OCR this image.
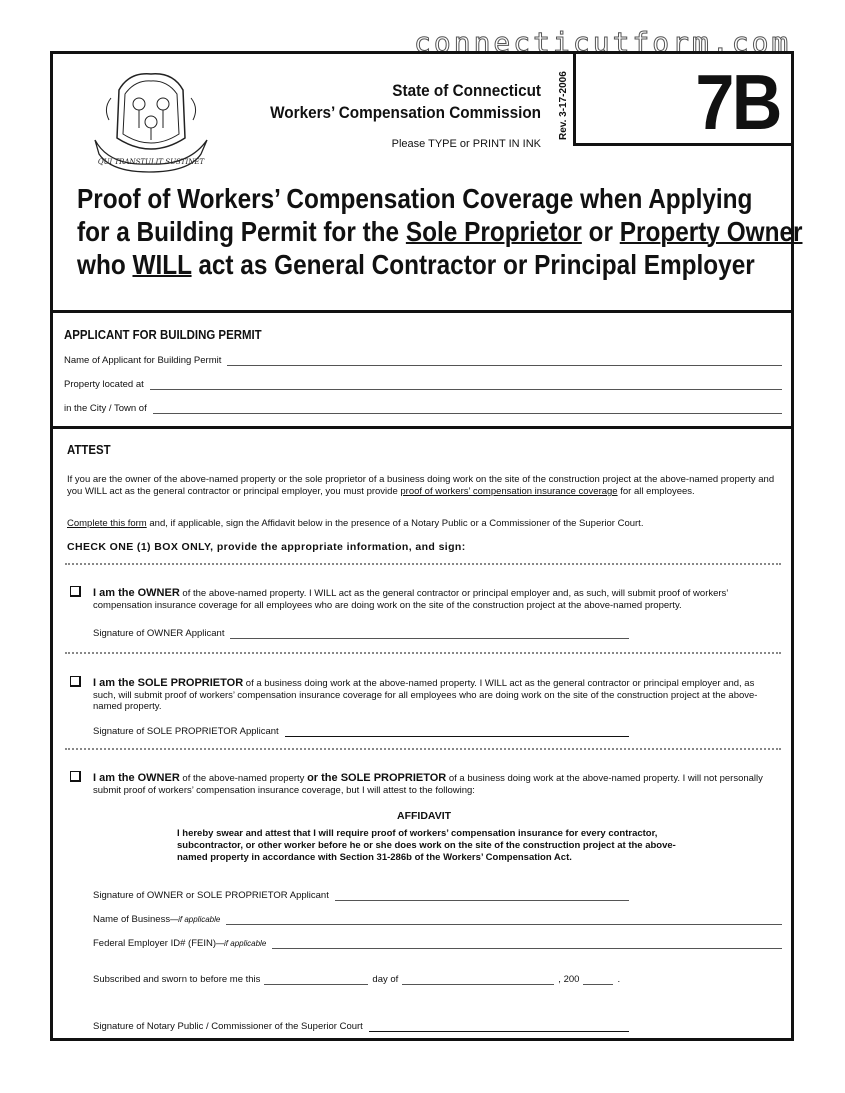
connecticutform.com
QUI TRANSTULIT SUSTINET
State of Connecticut
Workers’ Compensation Commission
Please TYPE or PRINT IN INK
Rev. 3-17-2006 7B
Proof of Workers’ Compensation Coverage when Applying
for a Building Permit for the Sole Proprietor or Property Owner
who WILL act as General Contractor or Principal Employer
APPLICANT FOR BUILDING PERMIT
Name of Applicant for Building Permit
Property located at
in the City / Town of
ATTEST
If you are the owner of the above-named property or the sole proprietor of a business doing work on the site of the construction project at the above-named property and you WILL act as the general contractor or principal employer, you must provide proof of workers’ compensation insurance coverage for all employees.
Complete this form and, if applicable, sign the Affidavit below in the presence of a Notary Public or a Commissioner of the Superior Court.
CHECK ONE (1) BOX ONLY, provide the appropriate information, and sign:
I am the OWNER of the above-named property. I WILL act as the general contractor or principal employer and, as such, will submit proof of workers’ compensation insurance coverage for all employees who are doing work on the site of the construction project at the above-named property.
Signature of OWNER Applicant
I am the SOLE PROPRIETOR of a business doing work at the above-named property. I WILL act as the general contractor or principal employer and, as such, will submit proof of workers’ compensation insurance coverage for all employees who are doing work on the site of the construction project at the above-named property.
Signature of SOLE PROPRIETOR Applicant
I am the OWNER of the above-named property or the SOLE PROPRIETOR of a business doing work at the above-named property. I will not personally submit proof of workers’ compensation insurance coverage, but I will attest to the following:
AFFIDAVIT
I hereby swear and attest that I will require proof of workers’ compensation insurance for every contractor, subcontractor, or other worker before he or she does work on the site of the construction project at the above-named property in accordance with Section 31-286b of the Workers’ Compensation Act.
Signature of OWNER or SOLE PROPRIETOR Applicant
Name of Business—if applicable
Federal Employer ID# (FEIN)—if applicable
Subscribed and sworn to before me this	day of	, 200	.
Signature of Notary Public / Commissioner of the Superior Court
